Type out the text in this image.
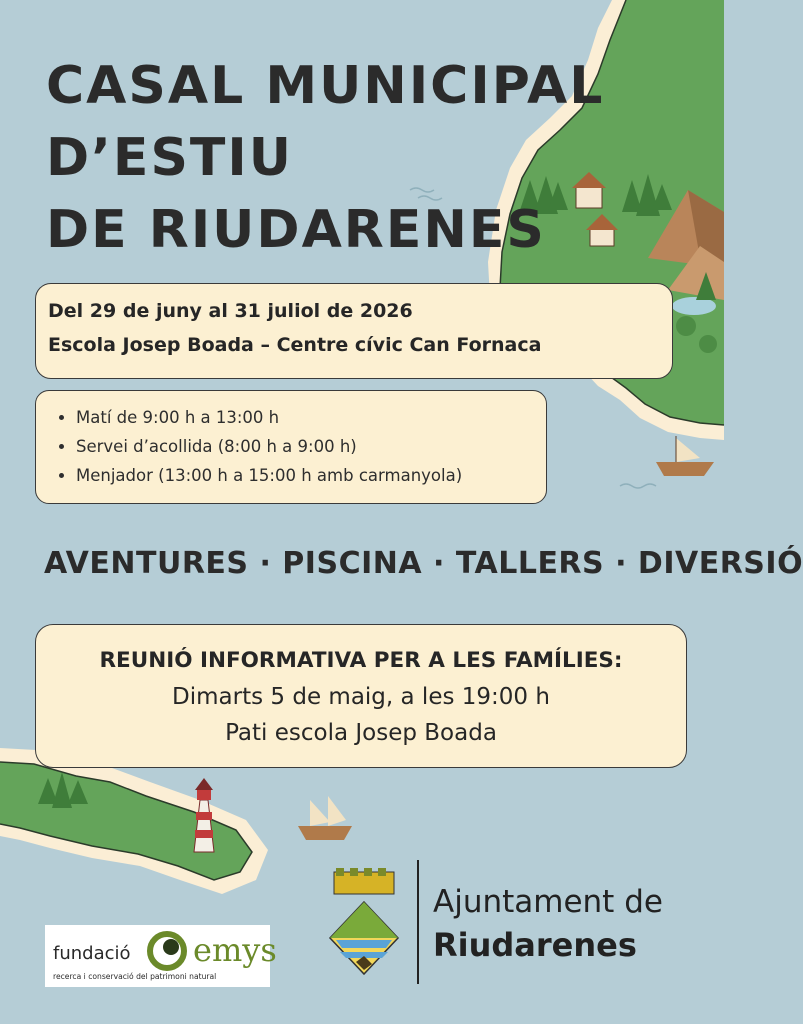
CASAL MUNICIPAL
D’ESTIU
DE RIUDARENES

Del 29 de juny al 31 juliol de 2026

Escola Josep Boada – Centre cívic Can Fornaca

• Matí de 9:00 h a 13:00 h
• Servei d’acollida (8:00 h a 9:00 h)
• Menjador (13:00 h a 15:00 h amb carmanyola)

AVENTURES · PISCINA · TALLERS · DIVERSIÓ

REUNIÓ INFORMATIVA PER A LES FAMÍLIES:

Dimarts 5 de maig, a les 19:00 h

Pati escola Josep Boada

fundació emys
recerca i conservació del patrimoni natural
Ajuntament de
Riudarenes
